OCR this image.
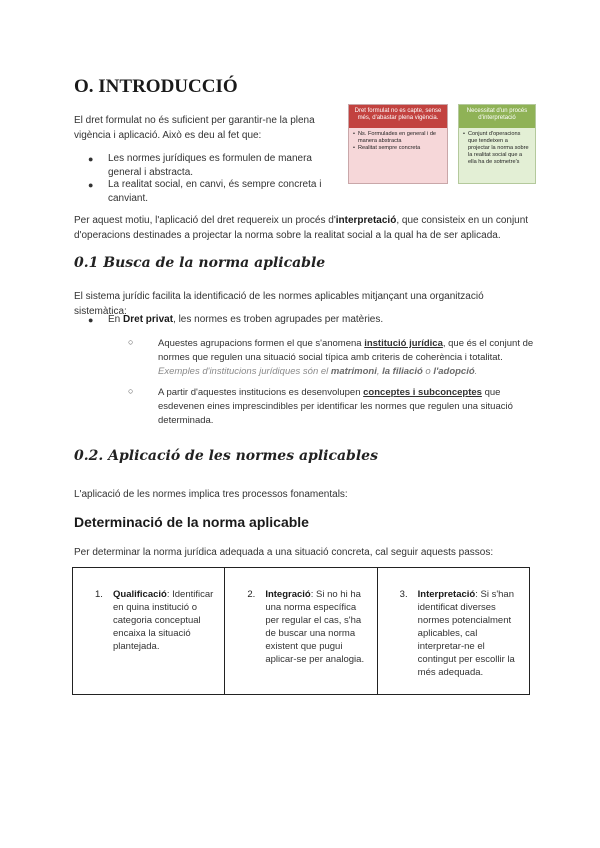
O. INTRODUCCIÓ

El dret formulat no és suficient per garantir-ne la plena vigència i aplicació. Això es deu al fet que:

● Les normes jurídiques es formulen de manera general i abstracta.
● La realitat social, en canvi, és sempre concreta i canviant.
Dret formulat no es capte, sense més, d'abastar plena vigència.
• Ns. Formulades en general i de manera abstracta
• Realitat sempre concreta
Necessitat d'un procés d'interpretació
• Conjunt d'operacions que tendeixen a projectar la norma sobre la realitat social que a ella ha de sotmetre's

Per aquest motiu, l'aplicació del dret requereix un procés d'interpretació, que consisteix en un conjunt d'operacions destinades a projectar la norma sobre la realitat social a la qual ha de ser aplicada.

0.1 Busca de la norma aplicable

El sistema jurídic facilita la identificació de les normes aplicables mitjançant una organització sistemàtica:

● En Dret privat, les normes es troben agrupades per matèries.
○	Aquestes agrupacions formen el que s'anomena institució jurídica, que és el conjunt de normes que regulen una situació social típica amb criteris de coherència i totalitat. Exemples d'institucions jurídiques són el matrimoni, la filiació o l'adopció.

○	A partir d'aquestes institucions es desenvolupen conceptes i subconceptes que esdevenen eines imprescindibles per identificar les normes que regulen una situació determinada.

0.2. Aplicació de les normes aplicables

L'aplicació de les normes implica tres processos fonamentals:

Determinació de la norma aplicable

Per determinar la norma jurídica adequada a una situació concreta, cal seguir aquests passos:

1. Qualificació: Identificar en quina institució o categoria conceptual encaixa la situació plantejada.
2. Integració: Si no hi ha una norma específica per regular el cas, s'ha de buscar una norma existent que pugui aplicar-se per analogia.
3. Interpretació: Si s'han identificat diverses normes potencialment aplicables, cal interpretar-ne el contingut per escollir la més adequada.
